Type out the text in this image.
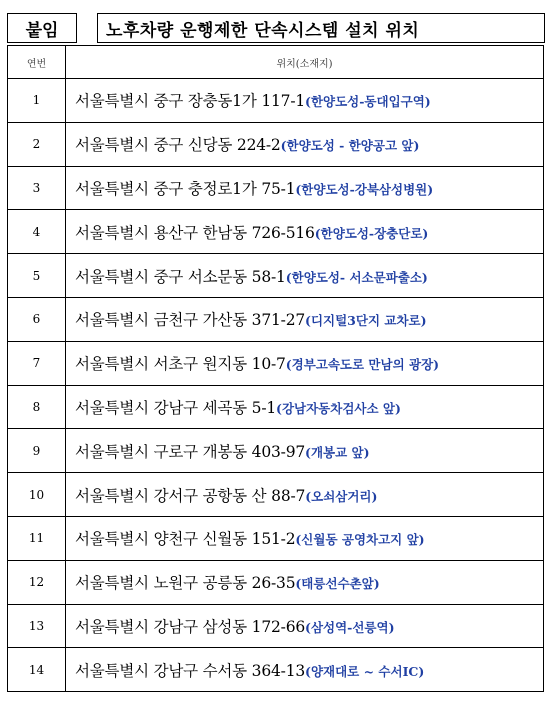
붙임	노후차량 운행제한 단속시스템 설치 위치
연번	위치(소재지)
1	서울특별시 중구 장충동1가 117-1(한양도성-동대입구역)
2	서울특별시 중구 신당동 224-2(한양도성 - 한양공고 앞)
3	서울특별시 중구 충정로1가 75-1(한양도성-강북삼성병원)
4	서울특별시 용산구 한남동 726-516(한양도성-장충단로)
5	서울특별시 중구 서소문동 58-1(한양도성- 서소문파출소)
6	서울특별시 금천구 가산동 371-27(디지털3단지 교차로)
7	서울특별시 서초구 원지동 10-7(경부고속도로 만남의 광장)
8	서울특별시 강남구 세곡동 5-1(강남자동차검사소 앞)
9	서울특별시 구로구 개봉동 403-97(개봉교 앞)
10	서울특별시 강서구 공항동 산 88-7(오쇠삼거리)
11	서울특별시 양천구 신월동 151-2(신월동 공영차고지 앞)
12	서울특별시 노원구 공릉동 26-35(태릉선수촌앞)
13	서울특별시 강남구 삼성동 172-66(삼성역-선릉역)
14	서울특별시 강남구 수서동 364-13(양재대로 ~ 수서IC)
